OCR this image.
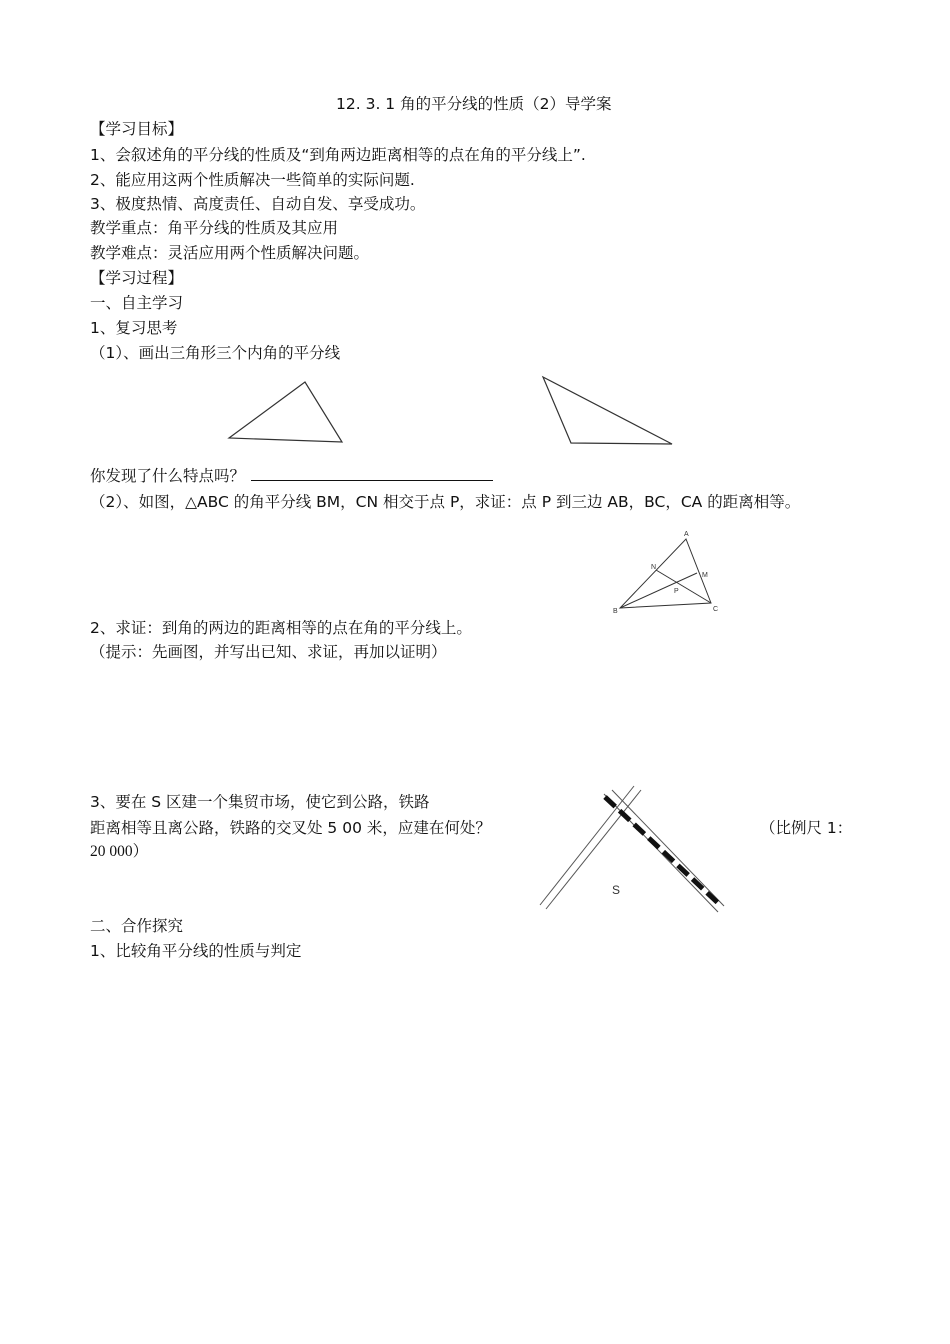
12. 3. 1 角的平分线的性质（2）导学案
【学习目标】
1、会叙述角的平分线的性质及“到角两边距离相等的点在角的平分线上”.
2、能应用这两个性质解决一些简单的实际问题.
3、极度热情、高度责任、自动自发、享受成功。
教学重点：角平分线的性质及其应用
教学难点：灵活应用两个性质解决问题。
【学习过程】
一、自主学习
1、复习思考
（1）、画出三角形三个内角的平分线
你发现了什么特点吗？
（2）、如图，△ABC 的角平分线 BM，CN 相交于点 P，求证：点 P 到三边 AB，BC，CA 的距离相等。
A
B	C
M
N
P
2、求证：到角的两边的距离相等的点在角的平分线上。
（提示：先画图，并写出已知、求证，再加以证明）
3、要在 S 区建一个集贸市场，使它到公路，铁路
距离相等且离公路，铁路的交叉处 5 00 米，应建在何处？	（比例尺 1：
20 000）
S
二、合作探究
1、比较角平分线的性质与判定
